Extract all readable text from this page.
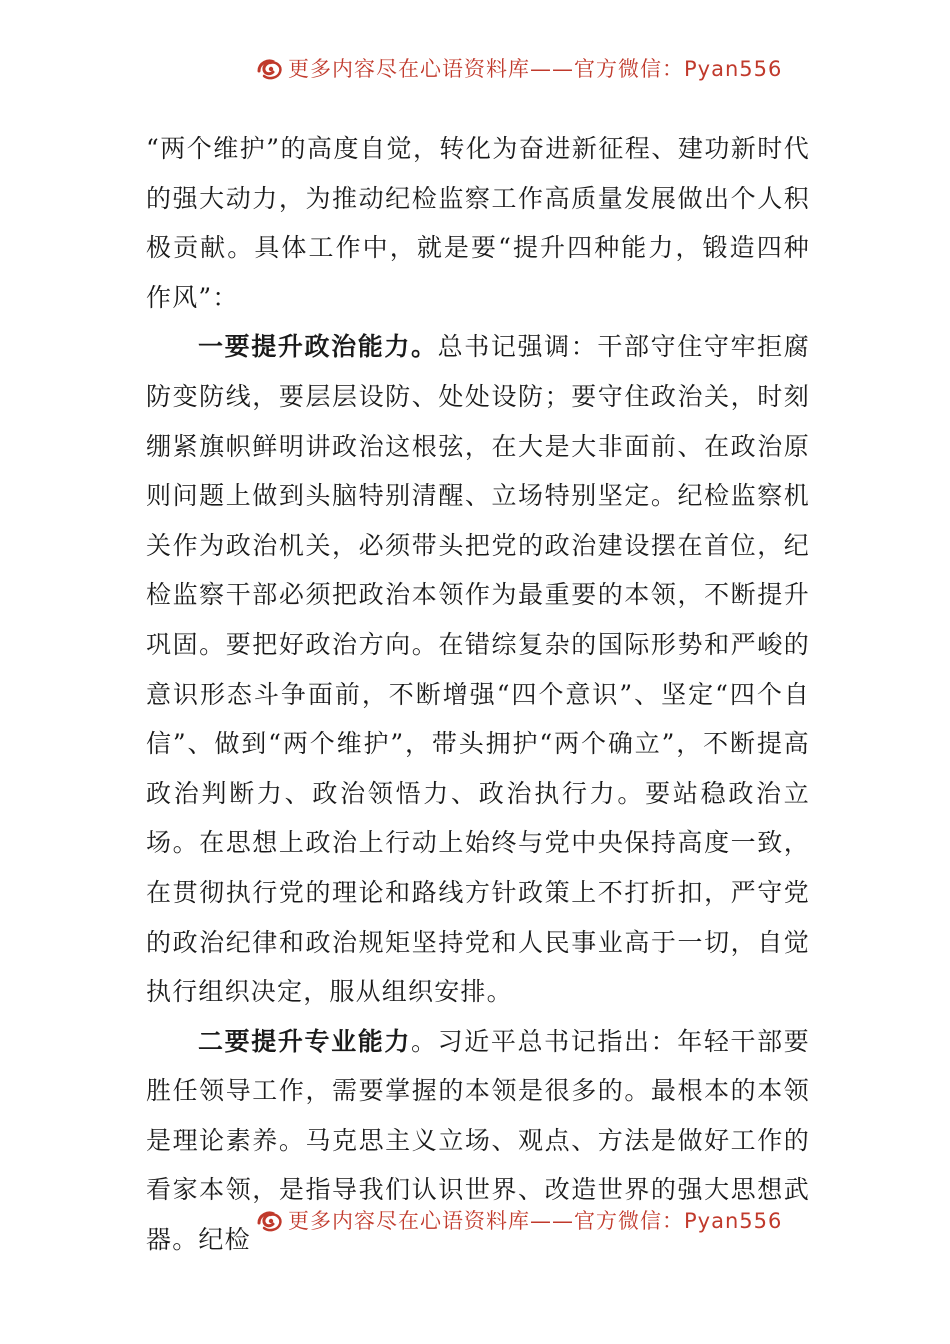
更多内容尽在心语资料库——官方微信：Pyan556

“两个维护”的高度自觉，转化为奋进新征程、建功新时代的强大动力，为推动纪检监察工作高质量发展做出个人积极贡献。具体工作中，就是要“提升四种能力，锻造四种作风”：

一要提升政治能力。总书记强调：干部守住守牢拒腐防变防线，要层层设防、处处设防；要守住政治关，时刻绷紧旗帜鲜明讲政治这根弦，在大是大非面前、在政治原则问题上做到头脑特别清醒、立场特别坚定。纪检监察机关作为政治机关，必须带头把党的政治建设摆在首位，纪检监察干部必须把政治本领作为最重要的本领，不断提升巩固。要把好政治方向。在错综复杂的国际形势和严峻的意识形态斗争面前，不断增强“四个意识”、坚定“四个自信”、做到“两个维护”，带头拥护“两个确立”，不断提高政治判断力、政治领悟力、政治执行力。要站稳政治立场。在思想上政治上行动上始终与党中央保持高度一致，在贯彻执行党的理论和路线方针政策上不打折扣，严守党的政治纪律和政治规矩坚持党和人民事业高于一切，自觉执行组织决定，服从组织安排。

二要提升专业能力。习近平总书记指出：年轻干部要胜任领导工作，需要掌握的本领是很多的。最根本的本领是理论素养。马克思主义立场、观点、方法是做好工作的看家本领，是指导我们认识世界、改造世界的强大思想武器。纪检

更多内容尽在心语资料库——官方微信：Pyan556
